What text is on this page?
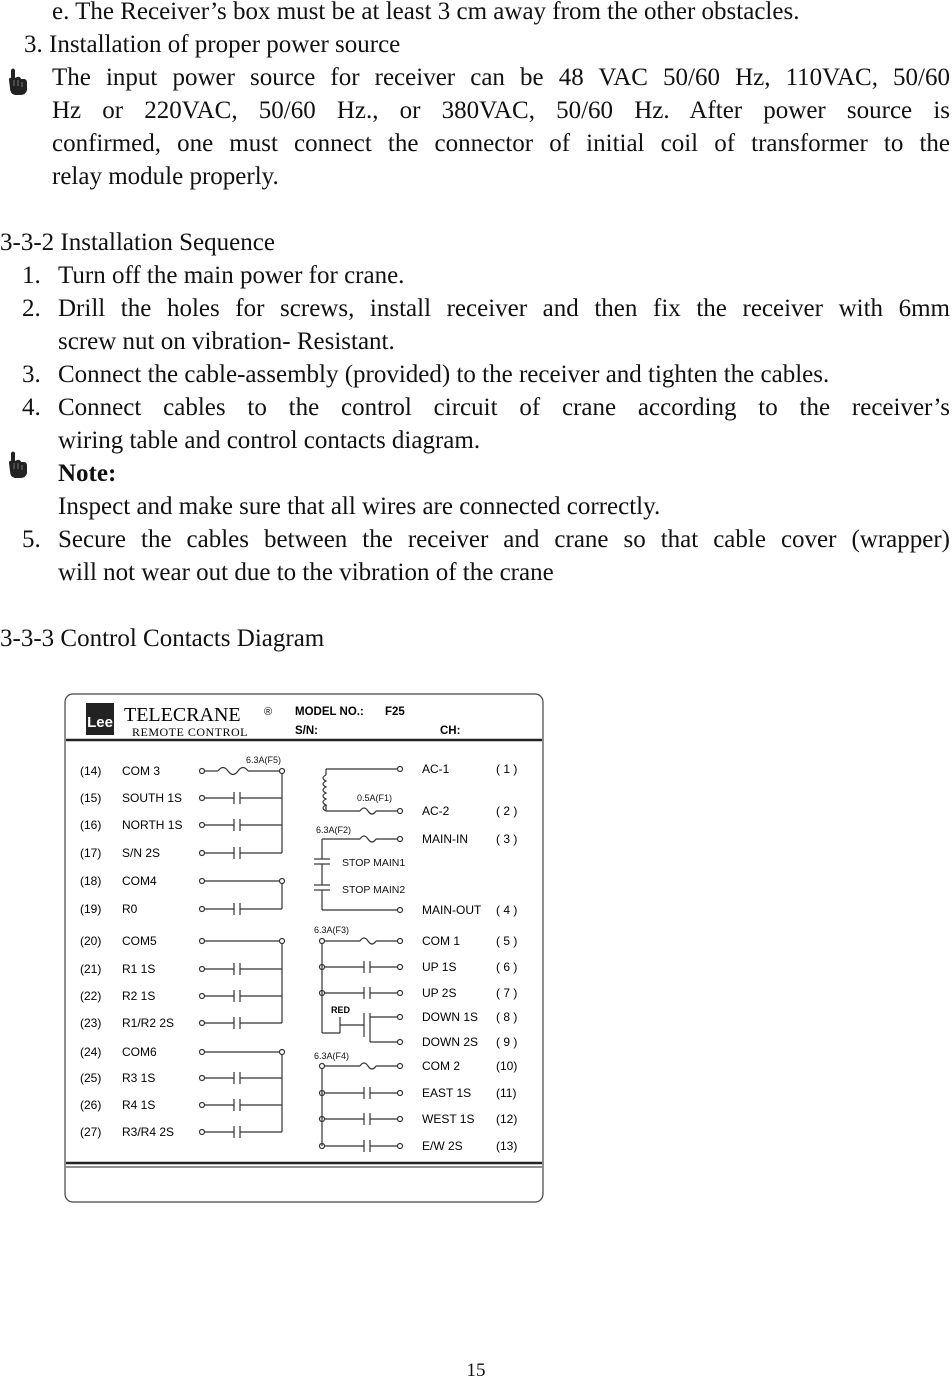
e. The Receiver’s box must be at least 3 cm away from the other obstacles.
3. Installation of proper power source
The input power source for receiver can be 48 VAC 50/60 Hz, 110VAC, 50/60
Hz or 220VAC, 50/60 Hz., or 380VAC, 50/60 Hz. After power source is
confirmed, one must connect the connector of initial coil of transformer to the
relay module properly.
3-3-2 Installation Sequence
1. Turn off the main power for crane.
2. Drill the holes for screws, install receiver and then fix the receiver with 6mm
screw nut on vibration- Resistant.
3. Connect the cable-assembly (provided) to the receiver and tighten the cables.
4. Connect cables to the control circuit of crane according to the receiver’s
wiring table and control contacts diagram.
Note:
Inspect and make sure that all wires are connected correctly.
5. Secure the cables between the receiver and crane so that cable cover (wrapper)
will not wear out due to the vibration of the crane
3-3-3 Control Contacts Diagram
Lee TELECRANE ®
REMOTE CONTROL
MODEL NO.: F25
S/N:	CH:
(14) COM 3
(15) SOUTH 1S
(16) NORTH 1S
(17) S/N 2S
(18) COM4
(19) R0
(20) COM5
(21) R1 1S
(22) R2 1S
(23) R1/R2 2S
(24) COM6
(25) R3 1S
(26) R4 1S
(27) R3/R4 2S
AC-1	( 1 )
AC-2	( 2 )
MAIN-IN ( 3 )
MAIN-OUT ( 4 )
COM 1	( 5 )
UP 1S	( 6 )
UP 2S	( 7 )
DOWN 1S ( 8 )
DOWN 2S ( 9 )
COM 2	(10)
EAST 1S (11)
WEST 1S (12)
E/W 2S	(13)
6.3A(F5)
0.5A(F1)
6.3A(F2)
6.3A(F3)
6.3A(F4)
STOP MAIN1
STOP MAIN2
RED
15
